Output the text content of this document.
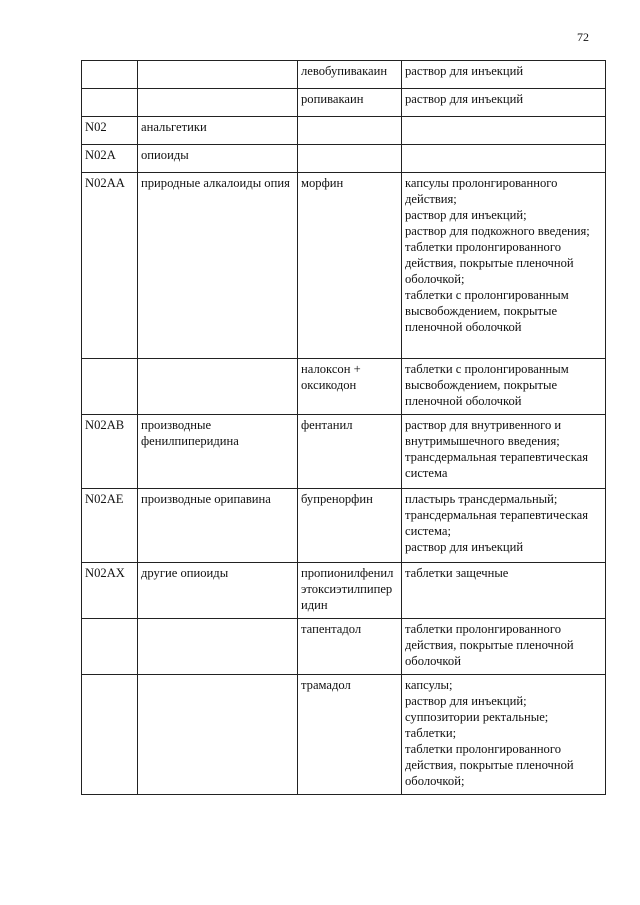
72
		левобупивакаин	раствор для инъекций

		ропивакаин	раствор для инъекций

N02	анальгетики		
N02A	опиоиды		
N02AA	природные алкалоиды опия	морфин	капсулы пролонгированного действия;
раствор для инъекций;
раствор для подкожного введения;
таблетки пролонгированного действия, покрытые пленочной оболочкой;
таблетки с пролонгированным высвобождением, покрытые пленочной оболочкой

		налоксон + оксикодон	таблетки с пролонгированным высвобождением, покрытые пленочной оболочкой

N02AB	производные фенилпиперидина	фентанил	раствор для внутривенного и внутримышечного введения;
трансдермальная терапевтическая система

N02AE	производные орипавина	бупренорфин	пластырь трансдермальный;
трансдермальная терапевтическая система;
раствор для инъекций

N02AX	другие опиоиды	пропионилфенилэтоксиэтилпиперидин	таблетки защечные

		тапентадол	таблетки пролонгированного действия, покрытые пленочной оболочкой

		трамадол	капсулы;
раствор для инъекций;
суппозитории ректальные;
таблетки;
таблетки пролонгированного действия, покрытые пленочной оболочкой;
